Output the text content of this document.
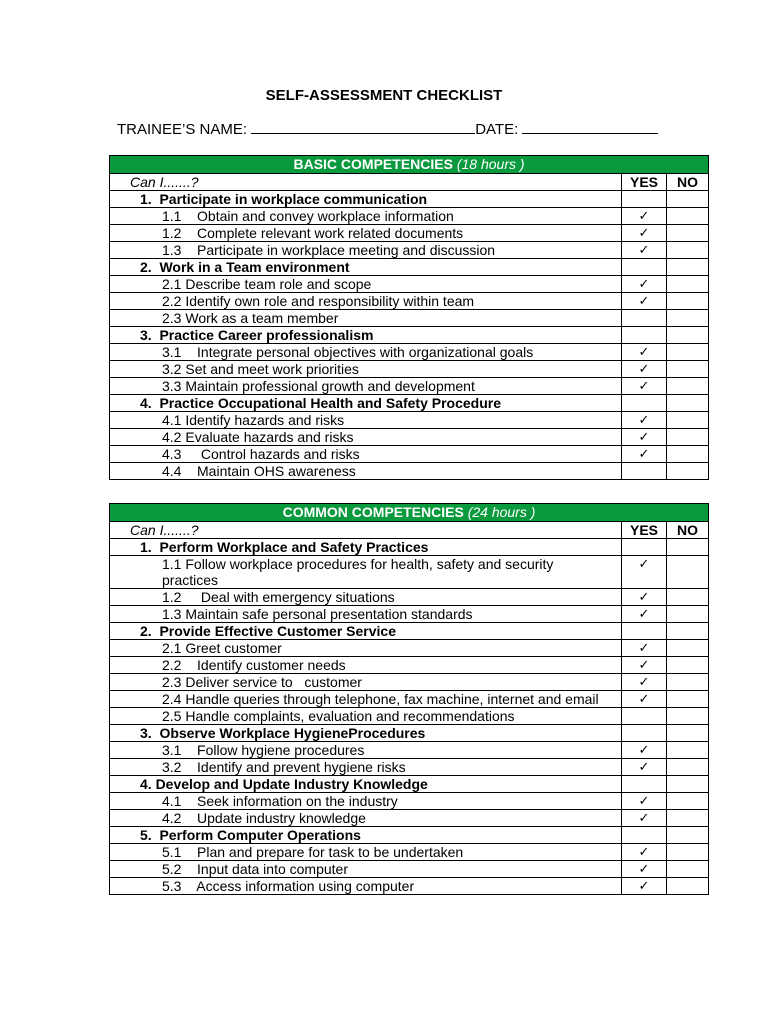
SELF-ASSESSMENT CHECKLIST
TRAINEE’S NAME:	DATE:
BASIC COMPETENCIES (18 hours )		
Can I.......?	YES	NO
1.  Participate in workplace communication		
1.1    Obtain and convey workplace information	✓	
1.2    Complete relevant work related documents	✓	
1.3    Participate in workplace meeting and discussion	✓	
2.  Work in a Team environment		
2.1 Describe team role and scope	✓	
2.2 Identify own role and responsibility within team	✓	
2.3 Work as a team member		
3.  Practice Career professionalism		
3.1    Integrate personal objectives with organizational goals	✓	
3.2 Set and meet work priorities	✓	
3.3 Maintain professional growth and development	✓	
4.  Practice Occupational Health and Safety Procedure		
4.1 Identify hazards and risks	✓	
4.2 Evaluate hazards and risks	✓	
4.3     Control hazards and risks	✓	
4.4    Maintain OHS awareness		
COMMON COMPETENCIES (24 hours )		
Can I.......?	YES	NO
1.  Perform Workplace and Safety Practices		
1.1 Follow workplace procedures for health, safety and security practices	✓	
1.2     Deal with emergency situations	✓	
1.3 Maintain safe personal presentation standards	✓	
2.  Provide Effective Customer Service		
2.1 Greet customer	✓	
2.2    Identify customer needs	✓	
2.3 Deliver service to   customer	✓	
2.4 Handle queries through telephone, fax machine, internet and email	✓	
2.5 Handle complaints, evaluation and recommendations		
3.  Observe Workplace HygieneProcedures		
3.1    Follow hygiene procedures	✓	
3.2    Identify and prevent hygiene risks	✓	
4. Develop and Update Industry Knowledge		
4.1    Seek information on the industry	✓	
4.2    Update industry knowledge	✓	
5.  Perform Computer Operations		
5.1    Plan and prepare for task to be undertaken	✓	
5.2    Input data into computer	✓	
5.3    Access information using computer	✓	
